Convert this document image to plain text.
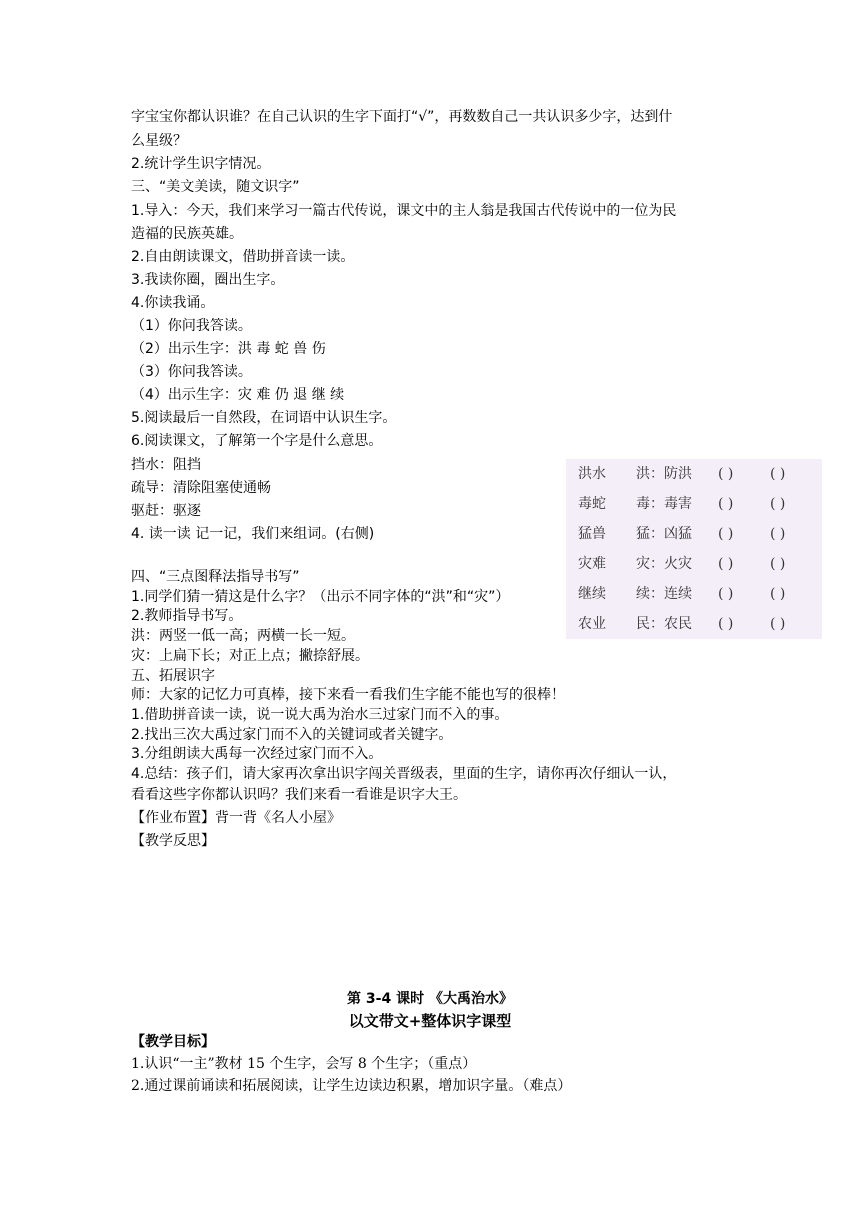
字宝宝你都认识谁？在自己认识的生字下面打“√”，再数数自己一共认识多少字，达到什
么星级？
2.统计学生识字情况。
三、“美文美读，随文识字”
1.导入：今天，我们来学习一篇古代传说，课文中的主人翁是我国古代传说中的一位为民
造福的民族英雄。
2.自由朗读课文，借助拼音读一读。
3.我读你圈，圈出生字。
4.你读我诵。
（1）你问我答读。
（2）出示生字：洪 毒 蛇 兽 伤
（3）你问我答读。
（4）出示生字：灾 难 仍 退 继 续
5.阅读最后一自然段，在词语中认识生字。
6.阅读课文，了解第一个字是什么意思。
挡水：阻挡
疏导：清除阻塞使通畅
驱赶：驱逐
4. 读一读 记一记，我们来组词。(右侧)
四、“三点图释法指导书写”
1.同学们猜一猜这是什么字？（出示不同字体的“洪”和“灾”）
2.教师指导书写。
洪：两竖一低一高；两横一长一短。
灾：上扁下长；对正上点；撇捺舒展。
五、拓展识字
师：大家的记忆力可真棒，接下来看一看我们生字能不能也写的很棒！
1.借助拼音读一读，说一说大禹为治水三过家门而不入的事。
2.找出三次大禹过家门而不入的关键词或者关键字。
3.分组朗读大禹每一次经过家门而不入。
4.总结：孩子们，请大家再次拿出识字闯关晋级表，里面的生字，请你再次仔细认一认，
看看这些字你都认识吗？我们来看一看谁是识字大王。
【作业布置】背一背《名人小屋》
【教学反思】
洪水 洪：防洪 ( )	( )
毒蛇 毒：毒害 ( )	( )
猛兽 猛：凶猛 ( )	( )
灾难 灾：火灾 ( )	( )
继续 续：连续 ( )	( )
农业 民：农民 ( )	( )
第 3-4 课时 《大禹治水》
以文带文+整体识字课型
【教学目标】
1.认识“一主”教材 15 个生字，会写 8 个生字；（重点）
2.通过课前诵读和拓展阅读，让学生边读边积累，增加识字量。（难点）
